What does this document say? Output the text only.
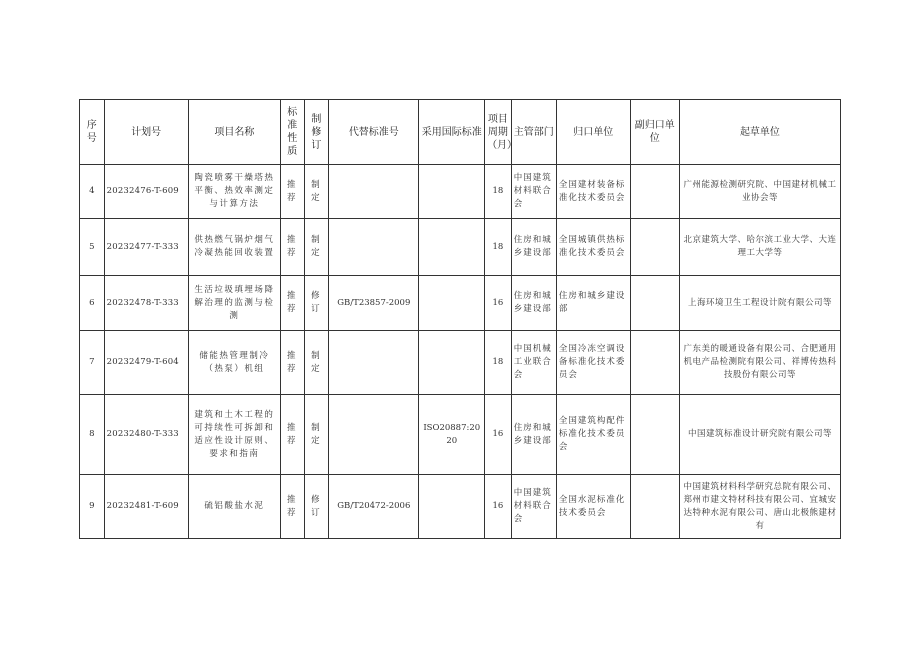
序号	计划号	项目名称	标准 性质	制修订	代替标准号	采用国际标准	项目周期（月）	主管部门	归口单位	副归口单位	起草单位
4	20232476-T-609	陶瓷喷雾干燥塔热平衡、热效率测定与计算方法	推荐	制定			18	中国建筑材料联合会	全国建材装备标准化技术委员会		广州能源检测研究院、中国建材机械工业协会等
5	20232477-T-333	供热燃气锅炉烟气冷凝热能回收装置	推荐	制定			18	住房和城乡建设部	全国城镇供热标准化技术委员会		北京建筑大学、哈尔滨工业大学、大连理工大学等
6	20232478-T-333	生活垃圾填埋场降解治理的监测与检测	推荐	修订	GB/T23857-2009		16	住房和城乡建设部	住房和城乡建设部		上海环境卫生工程设计院有限公司等
7	20232479-T-604	储能热管理制冷（热泵）机组	推荐	制定			18	中国机械工业联合会	全国冷冻空调设备标准化技术委员会		广东美的暖通设备有限公司、合肥通用机电产品检测院有限公司、祥博传热科技股份有限公司等
8	20232480-T-333	建筑和土木工程的可持续性可拆卸和适应性设计原则、要求和指南	推荐	制定		ISO20887:2020	16	住房和城乡建设部	全国建筑构配件标准化技术委员会		中国建筑标准设计研究院有限公司等
9	20232481-T-609	硫铝酸盐水泥	推荐	修订	GB/T20472-2006		16	中国建筑材料联合会	全国水泥标准化技术委员会		中国建筑材料科学研究总院有限公司、郑州市建文特材科技有限公司、宜城安达特种水泥有限公司、唐山北极熊建材有
